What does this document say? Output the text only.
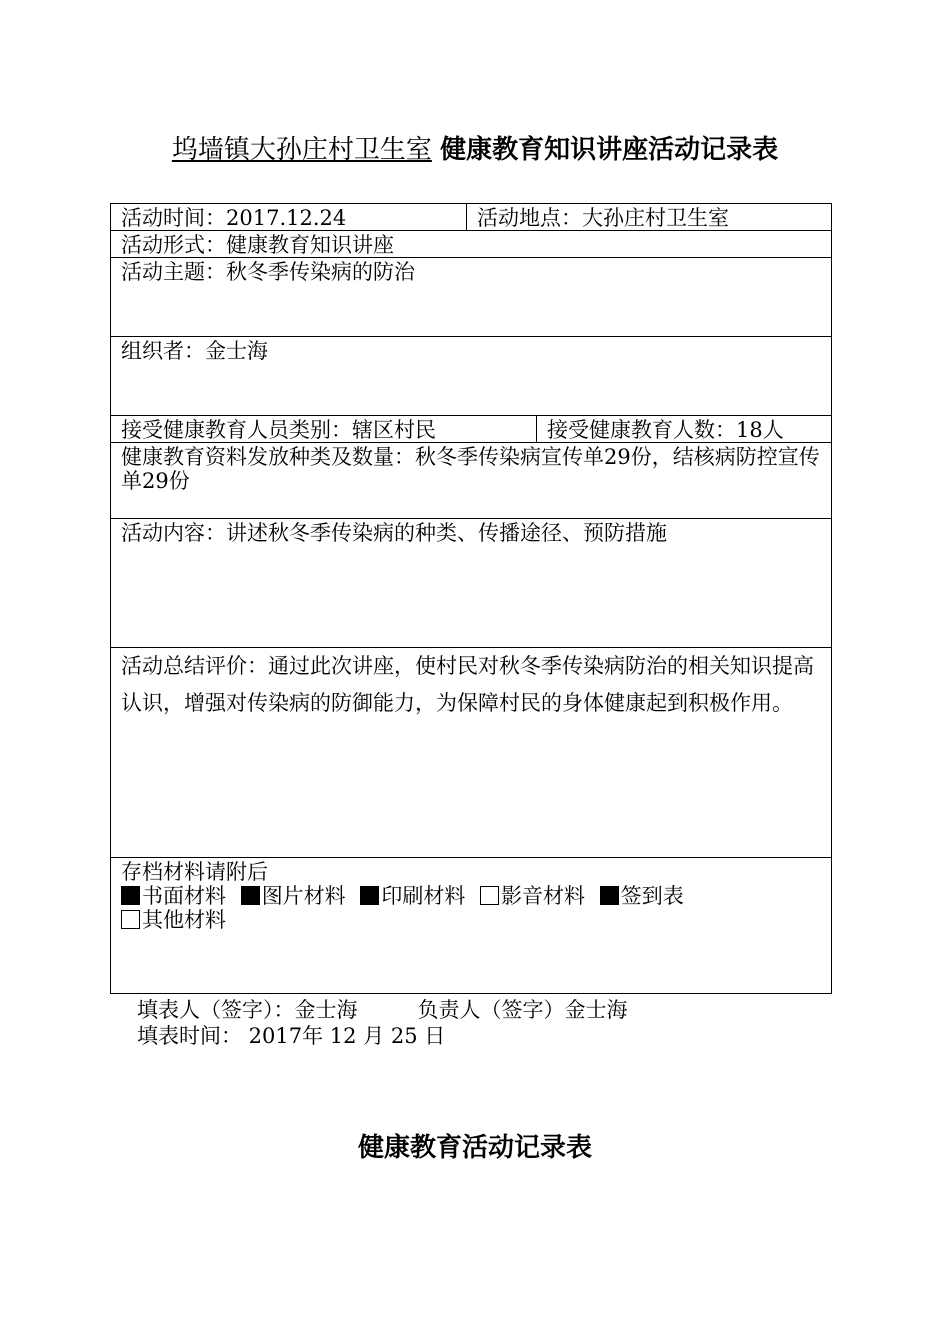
坞墙镇大孙庄村卫生室 健康教育知识讲座活动记录表
活动时间：2017.12.24	活动地点：大孙庄村卫生室	
活动形式：健康教育知识讲座		
活动主题：秋冬季传染病的防治		
组织者：金士海		
接受健康教育人员类别：辖区村民		接受健康教育人数：18人
健康教育资料发放种类及数量：秋冬季传染病宣传单29份，结核病防控宣传单29份		
活动内容：讲述秋冬季传染病的种类、传播途径、预防措施		
活动总结评价：通过此次讲座，使村民对秋冬季传染病防治的相关知识提高认识，增强对传染病的防御能力，为保障村民的身体健康起到积极作用。		

存档材料请附后
书面材料 图片材料 印刷材料 影音材料 签到表
其他材料		
填表人（签字）：金士海	负责人（签字）金士海
填表时间： 2017年 12 月 25 日
健康教育活动记录表
